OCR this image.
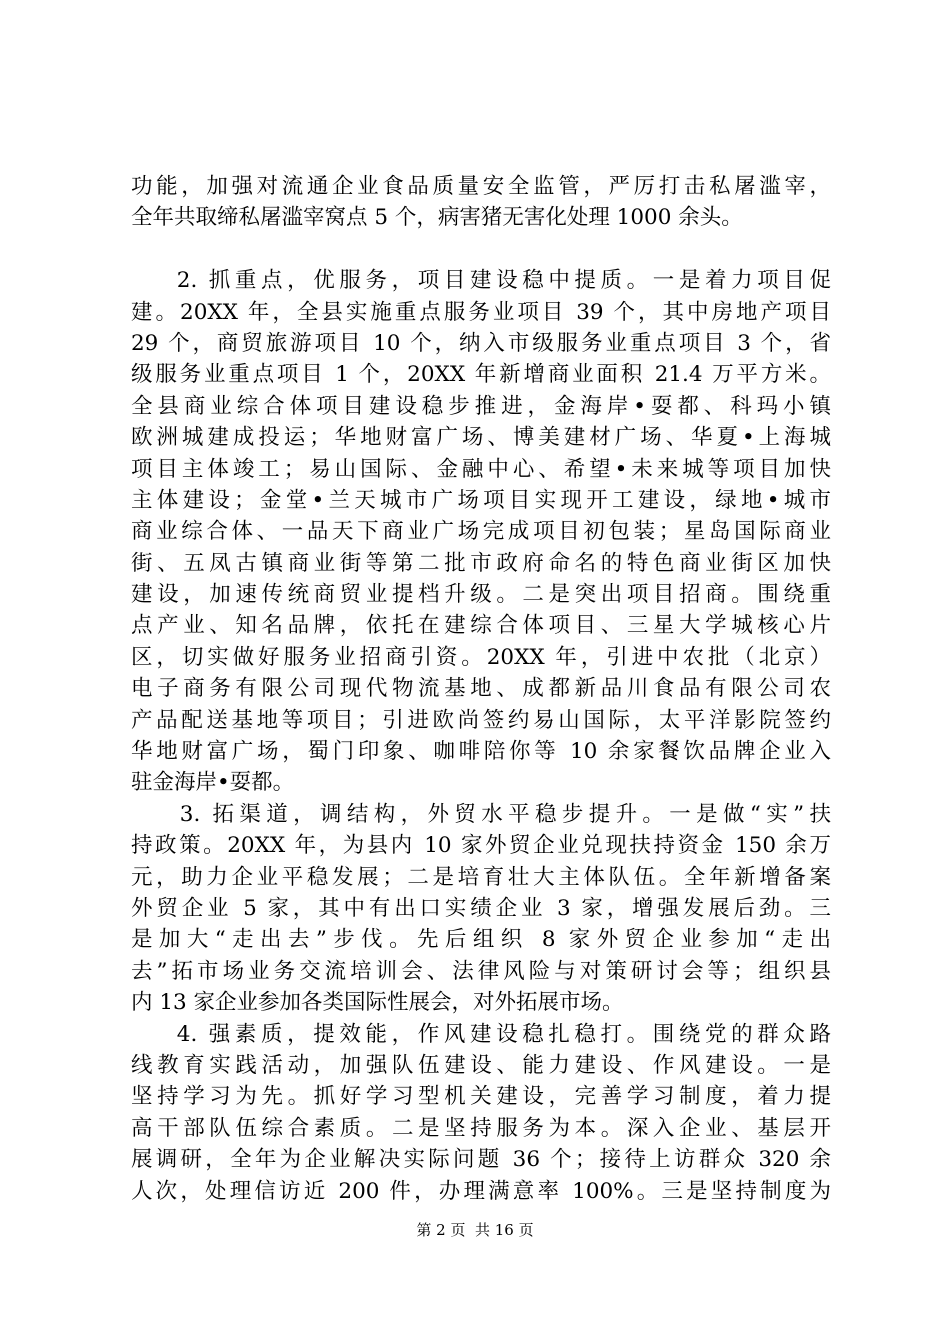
功能，加强对流通企业食品质量安全监管，严厉打击私屠滥宰，
全年共取缔私屠滥宰窝点 5 个，病害猪无害化处理 1000 余头。
2. 抓重点，优服务，项目建设稳中提质。一是着力项目促
建。20XX 年，全县实施重点服务业项目 39 个，其中房地产项目
29 个，商贸旅游项目 10 个，纳入市级服务业重点项目 3 个，省
级服务业重点项目 1 个，20XX 年新增商业面积 21.4 万平方米。
全县商业综合体项目建设稳步推进，金海岸•耍都、科玛小镇
欧洲城建成投运；华地财富广场、博美建材广场、华夏•上海城
项目主体竣工；易山国际、金融中心、希望•未来城等项目加快
主体建设；金堂•兰天城市广场项目实现开工建设，绿地•城市
商业综合体、一品天下商业广场完成项目初包装；星岛国际商业
街、五凤古镇商业街等第二批市政府命名的特色商业街区加快
建设，加速传统商贸业提档升级。二是突出项目招商。围绕重
点产业、知名品牌，依托在建综合体项目、三星大学城核心片
区，切实做好服务业招商引资。20XX 年，引进中农批（北京）
电子商务有限公司现代物流基地、成都新品川食品有限公司农
产品配送基地等项目；引进欧尚签约易山国际，太平洋影院签约
华地财富广场，蜀门印象、咖啡陪你等 10 余家餐饮品牌企业入
驻金海岸•耍都。
3. 拓渠道，调结构，外贸水平稳步提升。一是做“实”扶
持政策。20XX 年，为县内 10 家外贸企业兑现扶持资金 150 余万
元，助力企业平稳发展；二是培育壮大主体队伍。全年新增备案
外贸企业 5 家，其中有出口实绩企业 3 家，增强发展后劲。三
是加大“走出去”步伐。先后组织 8 家外贸企业参加“走出
去”拓市场业务交流培训会、法律风险与对策研讨会等；组织县
内 13 家企业参加各类国际性展会，对外拓展市场。
4. 强素质，提效能，作风建设稳扎稳打。围绕党的群众路
线教育实践活动，加强队伍建设、能力建设、作风建设。一是
坚持学习为先。抓好学习型机关建设，完善学习制度，着力提
高干部队伍综合素质。二是坚持服务为本。深入企业、基层开
展调研，全年为企业解决实际问题 36 个；接待上访群众 320 余
人次，处理信访近 200 件，办理满意率 100%。三是坚持制度为
第 2 页  共 16 页
